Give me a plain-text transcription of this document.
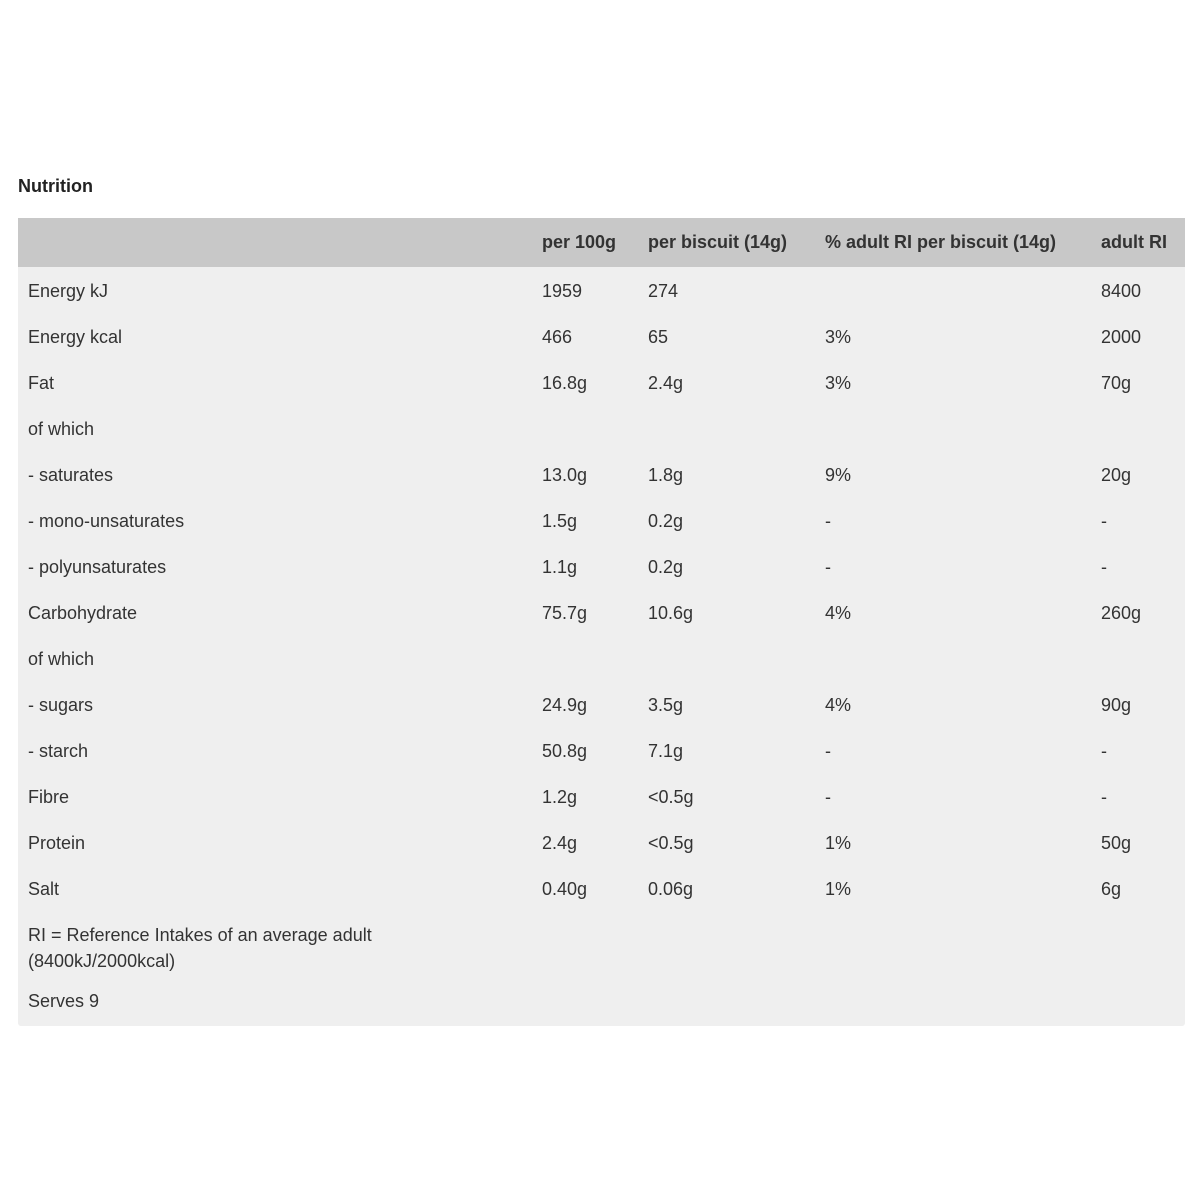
Nutrition
	per 100g	per biscuit (14g)	% adult RI per biscuit (14g)	adult RI
Energy kJ	1959	274		8400
Energy kcal	466	65	3%	2000
Fat	16.8g	2.4g	3%	70g
of which				
- saturates	13.0g	1.8g	9%	20g
- mono-unsaturates	1.5g	0.2g	-	-
- polyunsaturates	1.1g	0.2g	-	-
Carbohydrate	75.7g	10.6g	4%	260g
of which				
- sugars	24.9g	3.5g	4%	90g
- starch	50.8g	7.1g	-	-
Fibre	1.2g	<0.5g	-	-
Protein	2.4g	<0.5g	1%	50g
Salt	0.40g	0.06g	1%	6g

RI = Reference Intakes of an average adult (8400kJ/2000kcal)				

Serves 9				
